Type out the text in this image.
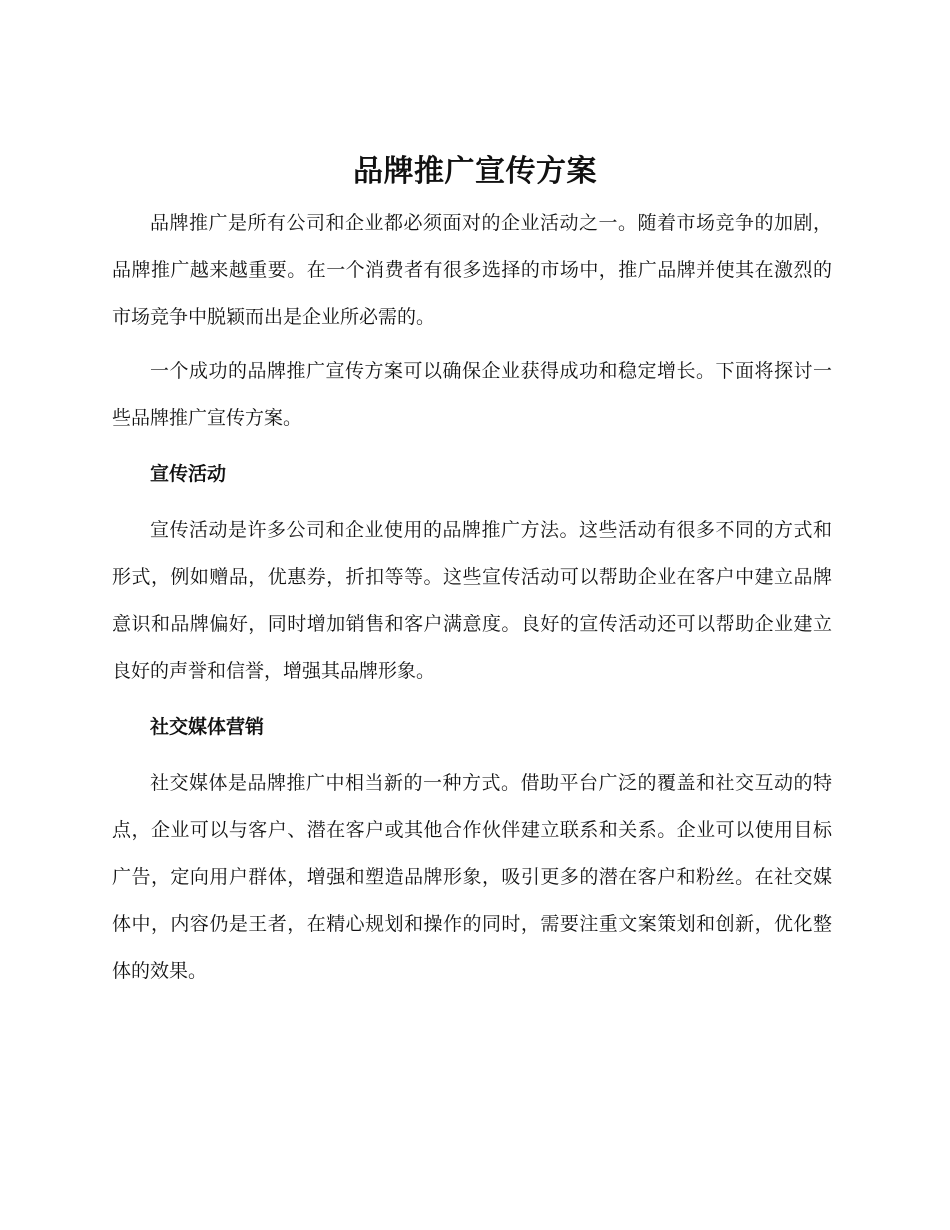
品牌推广宣传方案

品牌推广是所有公司和企业都必须面对的企业活动之一。随着市场竞争的加剧，品牌推广越来越重要。在一个消费者有很多选择的市场中，推广品牌并使其在激烈的市场竞争中脱颖而出是企业所必需的。

一个成功的品牌推广宣传方案可以确保企业获得成功和稳定增长。下面将探讨一些品牌推广宣传方案。

宣传活动

宣传活动是许多公司和企业使用的品牌推广方法。这些活动有很多不同的方式和形式，例如赠品，优惠券，折扣等等。这些宣传活动可以帮助企业在客户中建立品牌意识和品牌偏好，同时增加销售和客户满意度。良好的宣传活动还可以帮助企业建立良好的声誉和信誉，增强其品牌形象。

社交媒体营销

社交媒体是品牌推广中相当新的一种方式。借助平台广泛的覆盖和社交互动的特点，企业可以与客户、潜在客户或其他合作伙伴建立联系和关系。企业可以使用目标广告，定向用户群体，增强和塑造品牌形象，吸引更多的潜在客户和粉丝。在社交媒体中，内容仍是王者，在精心规划和操作的同时，需要注重文案策划和创新，优化整体的效果。
